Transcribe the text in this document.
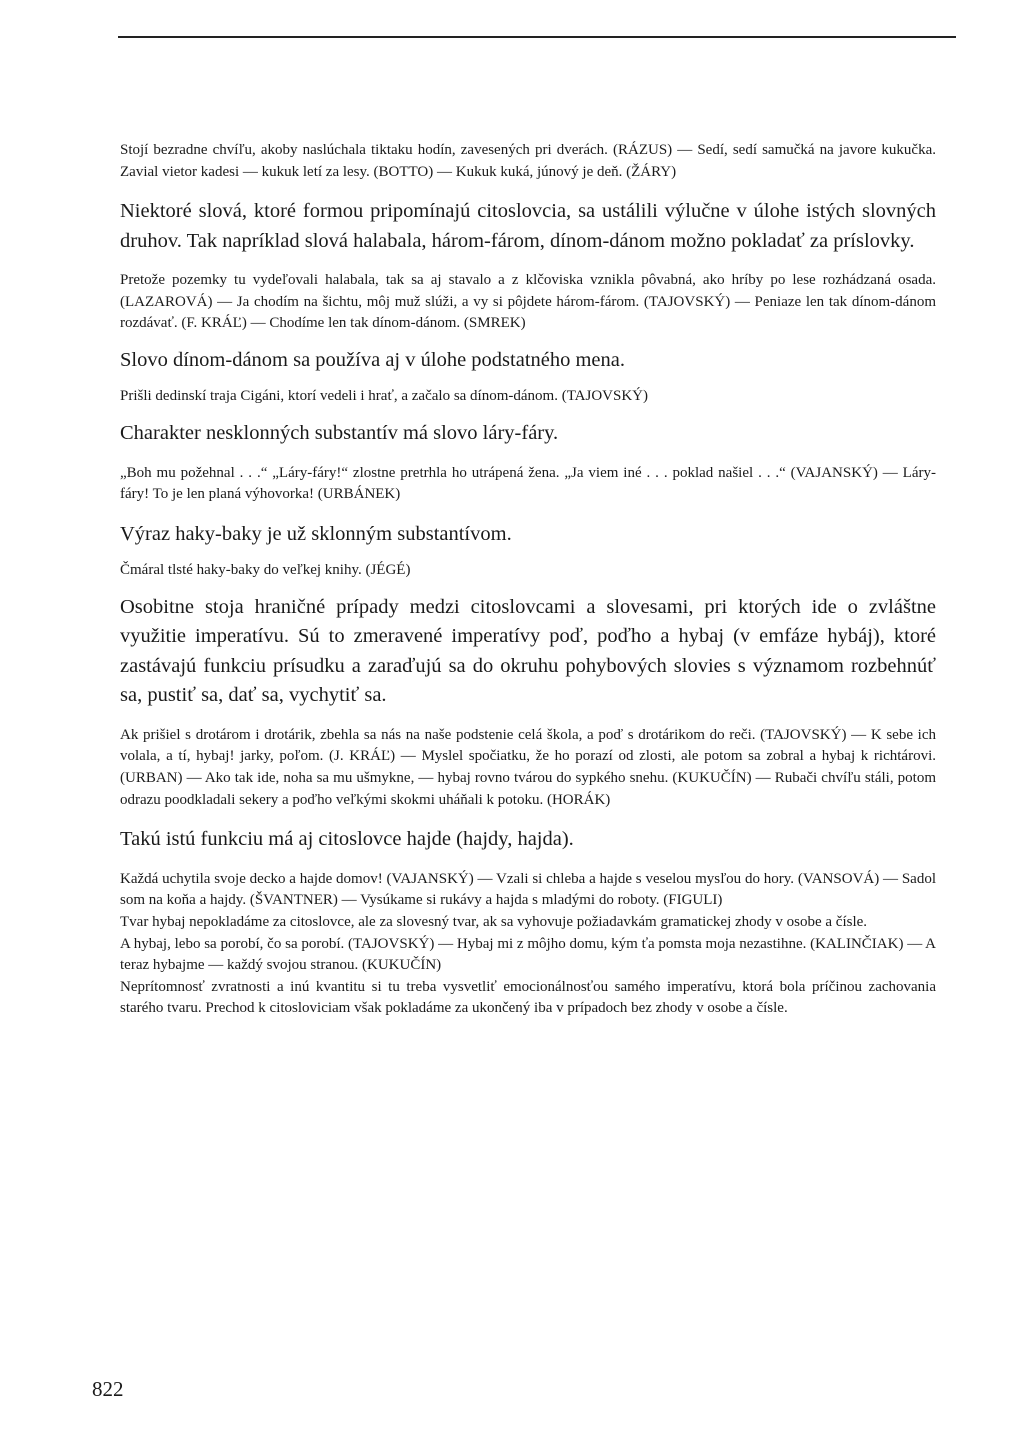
Stojí bezradne chvíľu, akoby naslúchala tiktaku hodín, zavesených pri dverách. (RÁZUS) — Sedí, sedí samučká na javore kukučka. Zavial vietor kadesi — kukuk letí za lesy. (BOTTO) — Kukuk kuká, júnový je deň. (ŽÁRY)

Niektoré slová, ktoré formou pripomínajú citoslovcia, sa ustálili výlučne v úlohe istých slovných druhov. Tak napríklad slová halabala, három-fárom, dínom-dánom možno pokladať za príslovky.

Pretože pozemky tu vydeľovali halabala, tak sa aj stavalo a z klčoviska vznikla pôvabná, ako hríby po lese rozhádzaná osada. (LAZAROVÁ) — Ja chodím na šichtu, môj muž slúži, a vy si pôjdete három-fárom. (TAJOVSKÝ) — Peniaze len tak dínom-dánom rozdávať. (F. KRÁĽ) — Chodíme len tak dínom-dánom. (SMREK)

Slovo dínom-dánom sa používa aj v úlohe podstatného mena.

Prišli dedinskí traja Cigáni, ktorí vedeli i hrať, a začalo sa dínom-dánom. (TAJOVSKÝ)

Charakter nesklonných substantív má slovo láry-fáry.

„Boh mu požehnal . . .“ „Láry-fáry!“ zlostne pretrhla ho utrápená žena. „Ja viem iné . . . poklad našiel . . .“ (VAJANSKÝ) — Láry-fáry! To je len planá výhovorka! (URBÁNEK)

Výraz haky-baky je už sklonným substantívom.

Čmáral tlsté haky-baky do veľkej knihy. (JÉGÉ)

Osobitne stoja hraničné prípady medzi citoslovcami a slovesami, pri ktorých ide o zvláštne využitie imperatívu. Sú to zmeravené imperatívy poď, poďho a hybaj (v emfáze hybáj), ktoré zastávajú funkciu prísudku a zaraďujú sa do okruhu pohybových slovies s významom rozbehnúť sa, pustiť sa, dať sa, vychytiť sa.

Ak prišiel s drotárom i drotárik, zbehla sa nás na naše podstenie celá škola, a poď s drotárikom do reči. (TAJOVSKÝ) — K sebe ich volala, a tí, hybaj! jarky, poľom. (J. KRÁĽ) — Myslel spočiatku, že ho porazí od zlosti, ale potom sa zobral a hybaj k richtárovi. (URBAN) — Ako tak ide, noha sa mu ušmykne, — hybaj rovno tvárou do sypkého snehu. (KUKUČÍN) — Rubači chvíľu stáli, potom odrazu poodkladali sekery a poďho veľkými skokmi uháňali k potoku. (HORÁK)

Takú istú funkciu má aj citoslovce hajde (hajdy, hajda).

Každá uchytila svoje decko a hajde domov! (VAJANSKÝ) — Vzali si chleba a hajde s veselou mysľou do hory. (VANSOVÁ) — Sadol som na koňa a hajdy. (ŠVANTNER) — Vysúkame si rukávy a hajda s mladými do roboty. (FIGULI)

Tvar hybaj nepokladáme za citoslovce, ale za slovesný tvar, ak sa vyhovuje požiadavkám gramatickej zhody v osobe a čísle.

A hybaj, lebo sa porobí, čo sa porobí. (TAJOVSKÝ) — Hybaj mi z môjho domu, kým ťa pomsta moja nezastihne. (KALINČIAK) — A teraz hybajme — každý svojou stranou. (KUKUČÍN)

Neprítomnosť zvratnosti a inú kvantitu si tu treba vysvetliť emocionálnosťou samého imperatívu, ktorá bola príčinou zachovania starého tvaru. Prechod k citosloviciam však pokladáme za ukončený iba v prípadoch bez zhody v osobe a čísle.

822
